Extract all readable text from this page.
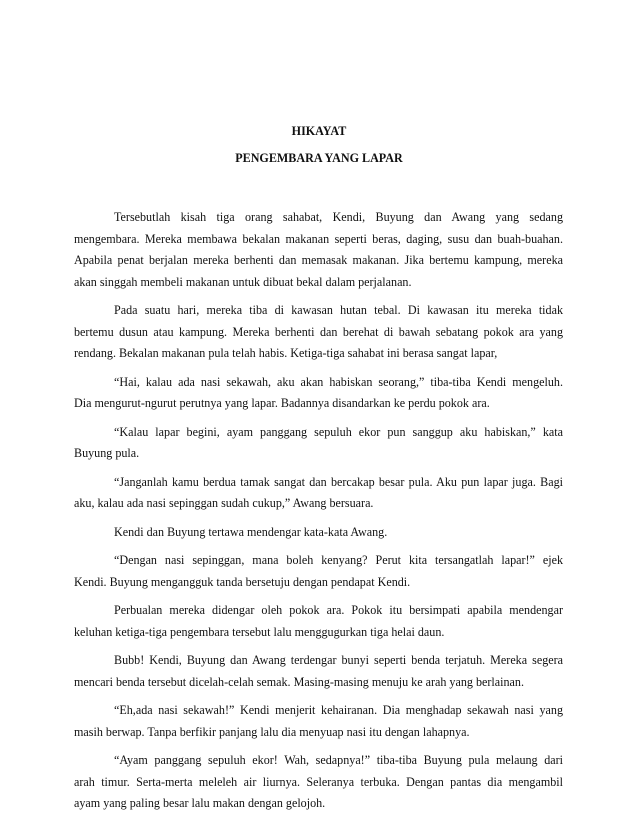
HIKAYAT

PENGEMBARA YANG LAPAR

Tersebutlah kisah tiga orang sahabat, Kendi, Buyung dan Awang yang sedang
mengembara. Mereka membawa bekalan makanan seperti beras, daging, susu dan buah-buahan.
Apabila penat berjalan mereka berhenti dan memasak makanan. Jika bertemu kampung, mereka
akan singgah membeli makanan untuk dibuat bekal dalam perjalanan.

Pada suatu hari, mereka tiba di kawasan hutan tebal. Di kawasan itu mereka tidak
bertemu dusun atau kampung. Mereka berhenti dan berehat di bawah sebatang pokok ara yang
rendang. Bekalan makanan pula telah habis. Ketiga-tiga sahabat ini berasa sangat lapar,

“Hai, kalau ada nasi sekawah, aku akan habiskan seorang,” tiba-tiba Kendi mengeluh.
Dia mengurut-ngurut perutnya yang lapar. Badannya disandarkan ke perdu pokok ara.

“Kalau lapar begini, ayam panggang sepuluh ekor pun sanggup aku habiskan,” kata
Buyung pula.

“Janganlah kamu berdua tamak sangat dan bercakap besar pula. Aku pun lapar juga. Bagi
aku, kalau ada nasi sepinggan sudah cukup,” Awang bersuara.

Kendi dan Buyung tertawa mendengar kata-kata Awang.

“Dengan nasi sepinggan, mana boleh kenyang? Perut kita tersangatlah lapar!” ejek
Kendi. Buyung mengangguk tanda bersetuju dengan pendapat Kendi.

Perbualan mereka didengar oleh pokok ara. Pokok itu bersimpati apabila mendengar
keluhan ketiga-tiga pengembara tersebut lalu menggugurkan tiga helai daun.

Bubb! Kendi, Buyung dan Awang terdengar bunyi seperti benda terjatuh. Mereka segera
mencari benda tersebut dicelah-celah semak. Masing-masing menuju ke arah yang berlainan.

“Eh,ada nasi sekawah!” Kendi menjerit kehairanan. Dia menghadap sekawah nasi yang
masih berwap. Tanpa berfikir panjang lalu dia menyuap nasi itu dengan lahapnya.

“Ayam panggang sepuluh ekor! Wah, sedapnya!” tiba-tiba Buyung pula melaung dari
arah timur. Serta-merta meleleh air liurnya. Seleranya terbuka. Dengan pantas dia mengambil
ayam yang paling besar lalu makan dengan gelojoh.
